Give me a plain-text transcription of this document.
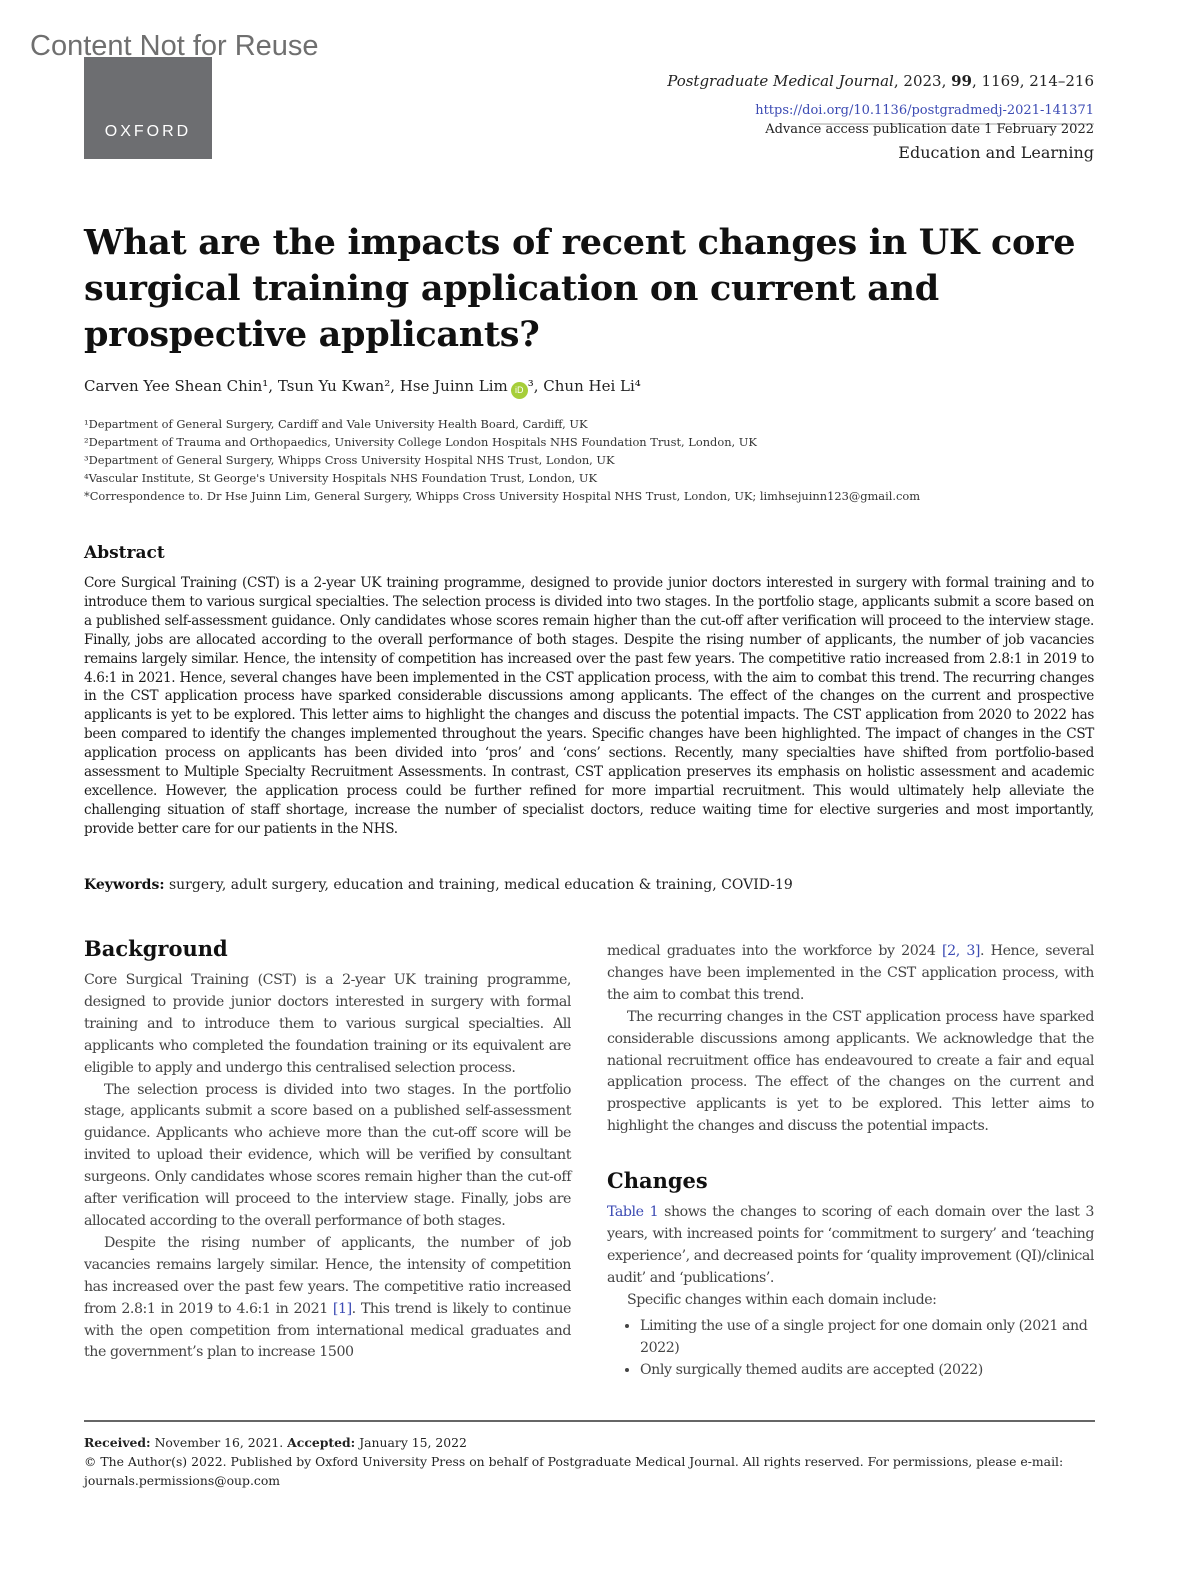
Content Not for Reuse
OXFORD
Postgraduate Medical Journal, 2023, 99, 1169, 214–216
https://doi.org/10.1136/postgradmedj-2021-141371
Advance access publication date 1 February 2022
Education and Learning
What are the impacts of recent changes in UK core surgical training application on current and prospective applicants?
Carven Yee Shean Chin¹, Tsun Yu Kwan², Hse Juinn Lim iD ³, Chun Hei Li⁴
¹Department of General Surgery, Cardiff and Vale University Health Board, Cardiff, UK
²Department of Trauma and Orthopaedics, University College London Hospitals NHS Foundation Trust, London, UK
³Department of General Surgery, Whipps Cross University Hospital NHS Trust, London, UK
⁴Vascular Institute, St George's University Hospitals NHS Foundation Trust, London, UK
*Correspondence to. Dr Hse Juinn Lim, General Surgery, Whipps Cross University Hospital NHS Trust, London, UK; limhsejuinn123@gmail.com
Abstract

Core Surgical Training (CST) is a 2-year UK training programme, designed to provide junior doctors interested in surgery with formal training and to introduce them to various surgical specialties. The selection process is divided into two stages. In the portfolio stage, applicants submit a score based on a published self-assessment guidance. Only candidates whose scores remain higher than the cut-off after verification will proceed to the interview stage. Finally, jobs are allocated according to the overall performance of both stages. Despite the rising number of applicants, the number of job vacancies remains largely similar. Hence, the intensity of competition has increased over the past few years. The competitive ratio increased from 2.8:1 in 2019 to 4.6:1 in 2021. Hence, several changes have been implemented in the CST application process, with the aim to combat this trend. The recurring changes in the CST application process have sparked considerable discussions among applicants. The effect of the changes on the current and prospective applicants is yet to be explored. This letter aims to highlight the changes and discuss the potential impacts. The CST application from 2020 to 2022 has been compared to identify the changes implemented throughout the years. Specific changes have been highlighted. The impact of changes in the CST application process on applicants has been divided into ‘pros’ and ‘cons’ sections. Recently, many specialties have shifted from portfolio-based assessment to Multiple Specialty Recruitment Assessments. In contrast, CST application preserves its emphasis on holistic assessment and academic excellence. However, the application process could be further refined for more impartial recruitment. This would ultimately help alleviate the challenging situation of staff shortage, increase the number of specialist doctors, reduce waiting time for elective surgeries and most importantly, provide better care for our patients in the NHS.

Keywords: surgery, adult surgery, education and training, medical education & training, COVID-19
Background

Core Surgical Training (CST) is a 2-year UK training programme, designed to provide junior doctors interested in surgery with formal training and to introduce them to various surgical specialties. All applicants who completed the foundation training or its equivalent are eligible to apply and undergo this centralised selection process.

The selection process is divided into two stages. In the portfolio stage, applicants submit a score based on a published self-assessment guidance. Applicants who achieve more than the cut-off score will be invited to upload their evidence, which will be verified by consultant surgeons. Only candidates whose scores remain higher than the cut-off after verification will proceed to the interview stage. Finally, jobs are allocated according to the overall performance of both stages.

Despite the rising number of applicants, the number of job vacancies remains largely similar. Hence, the intensity of competition has increased over the past few years. The competitive ratio increased from 2.8:1 in 2019 to 4.6:1 in 2021 [1]. This trend is likely to continue with the open competition from international medical graduates and the government’s plan to increase 1500

medical graduates into the workforce by 2024 [2, 3]. Hence, several changes have been implemented in the CST application process, with the aim to combat this trend.

The recurring changes in the CST application process have sparked considerable discussions among applicants. We acknowledge that the national recruitment office has endeavoured to create a fair and equal application process. The effect of the changes on the current and prospective applicants is yet to be explored. This letter aims to highlight the changes and discuss the potential impacts.

Changes

Table 1 shows the changes to scoring of each domain over the last 3 years, with increased points for ‘commitment to surgery’ and ‘teaching experience’, and decreased points for ‘quality improvement (QI)/clinical audit’ and ‘publications’.

Specific changes within each domain include:

• Limiting the use of a single project for one domain only (2021 and 2022)
• Only surgically themed audits are accepted (2022)
Received: November 16, 2021. Accepted: January 15, 2022
© The Author(s) 2022. Published by Oxford University Press on behalf of Postgraduate Medical Journal. All rights reserved. For permissions, please e-mail: journals.permissions@oup.com
